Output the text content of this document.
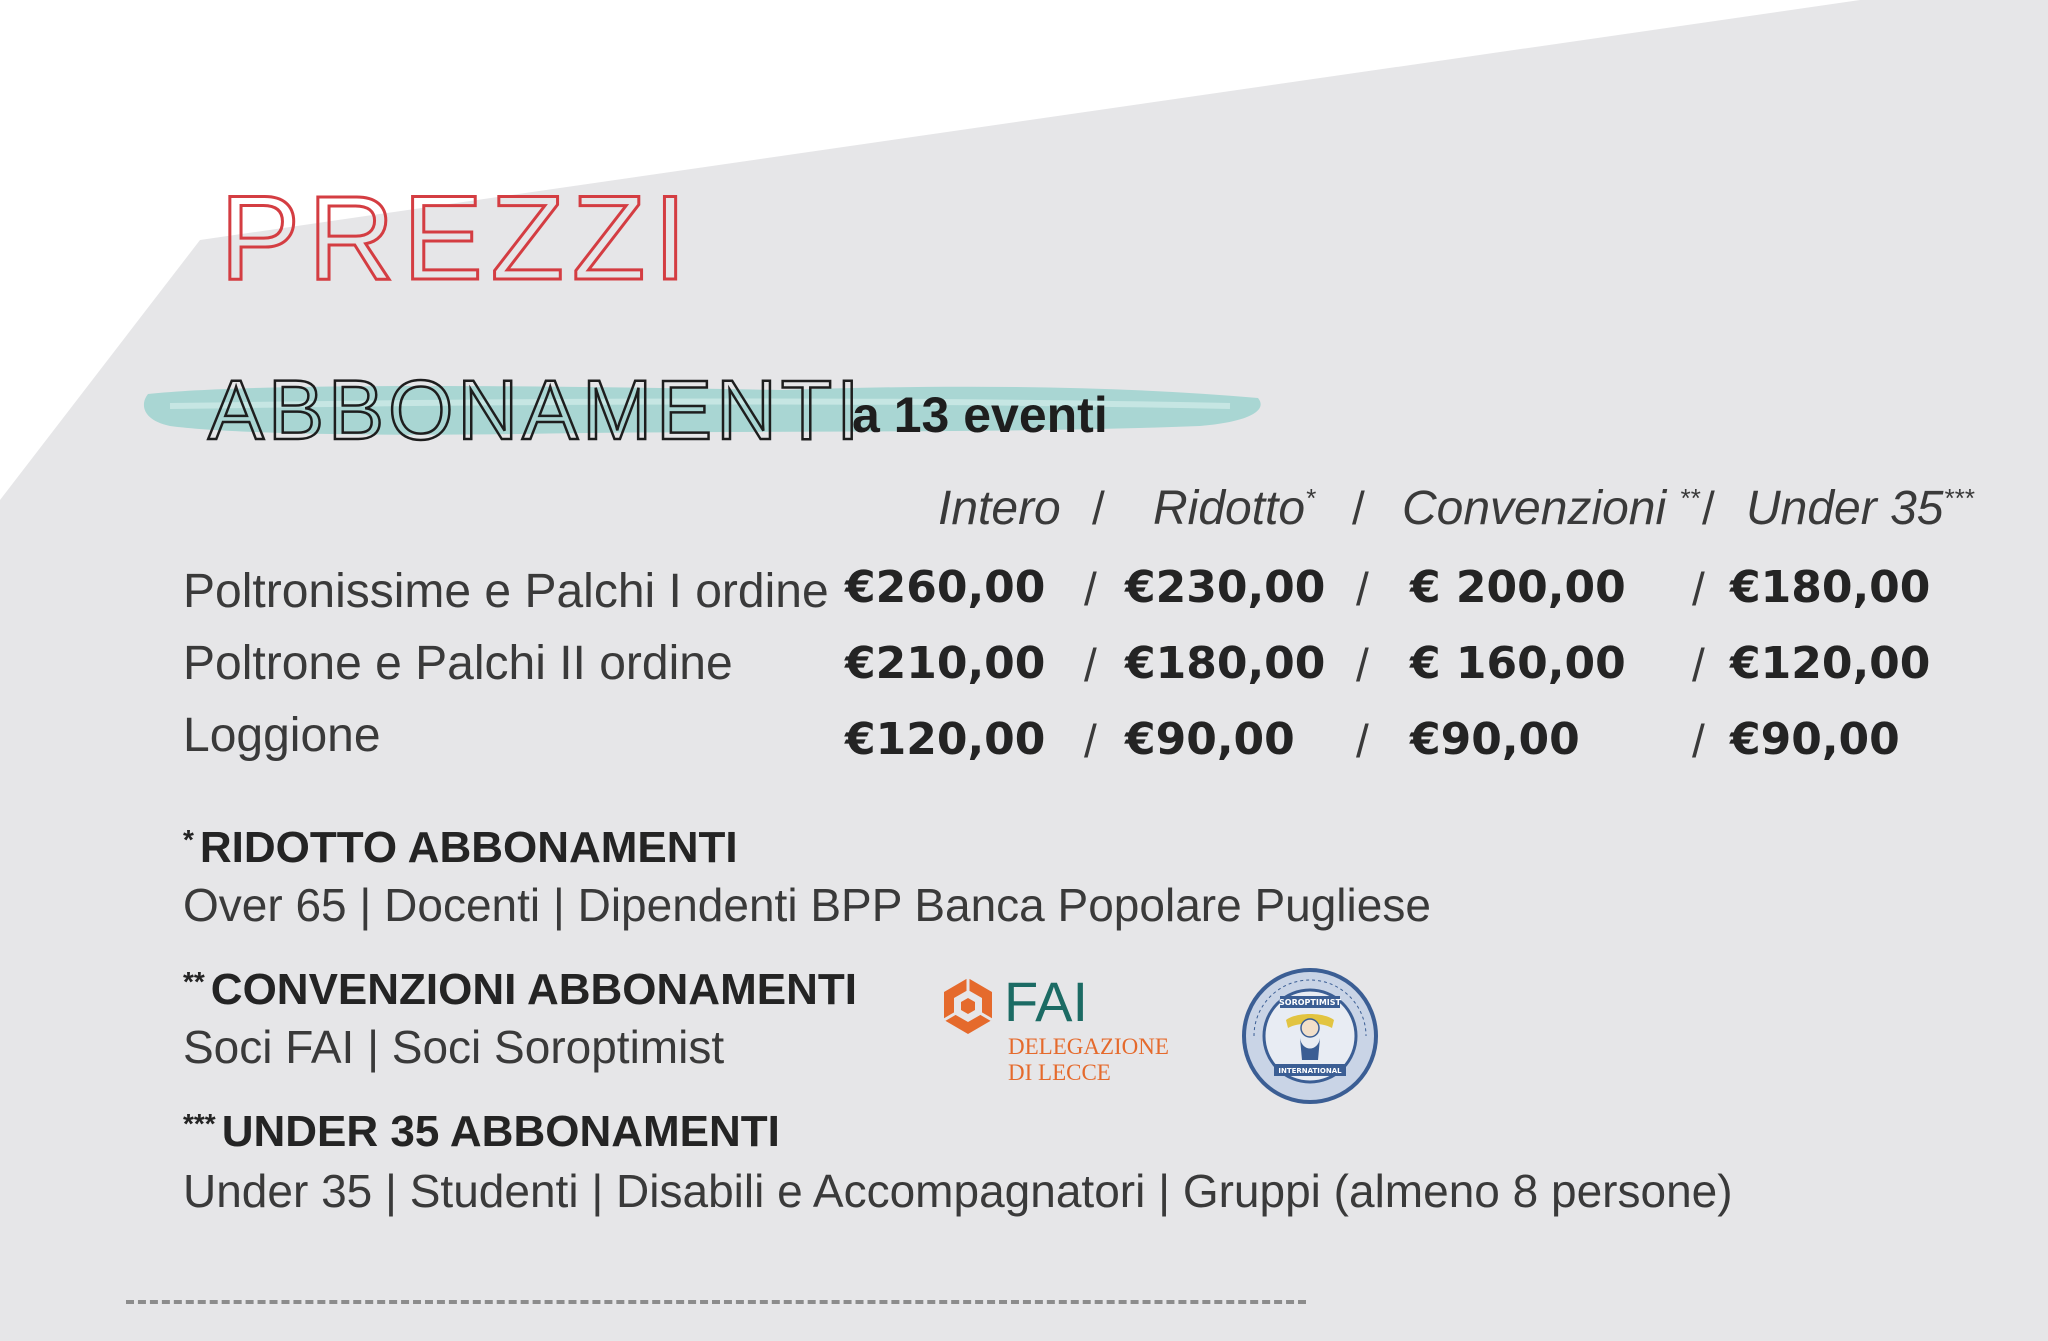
PREZZI
ABBONAMENTI
a 13 eventi
Intero / Ridotto* / Convenzioni ** / Under 35***
Poltronissime e Palchi I ordine €260,00 / €230,00 / € 200,00 / €180,00
Poltrone e Palchi II ordine	€210,00 / €180,00 / € 160,00 / €120,00
Loggione	€120,00 / €90,00 / €90,00 / €90,00
* RIDOTTO ABBONAMENTI
Over 65 | Docenti | Dipendenti BPP Banca Popolare Pugliese
** CONVENZIONI ABBONAMENTI
Soci FAI | Soci Soroptimist
*** UNDER 35 ABBONAMENTI
Under 35 | Studenti | Disabili e Accompagnatori | Gruppi (almeno 8 persone)
FAI
DELEGAZIONE
DI LECCE
SOROPTIMIST
INTERNATIONAL
